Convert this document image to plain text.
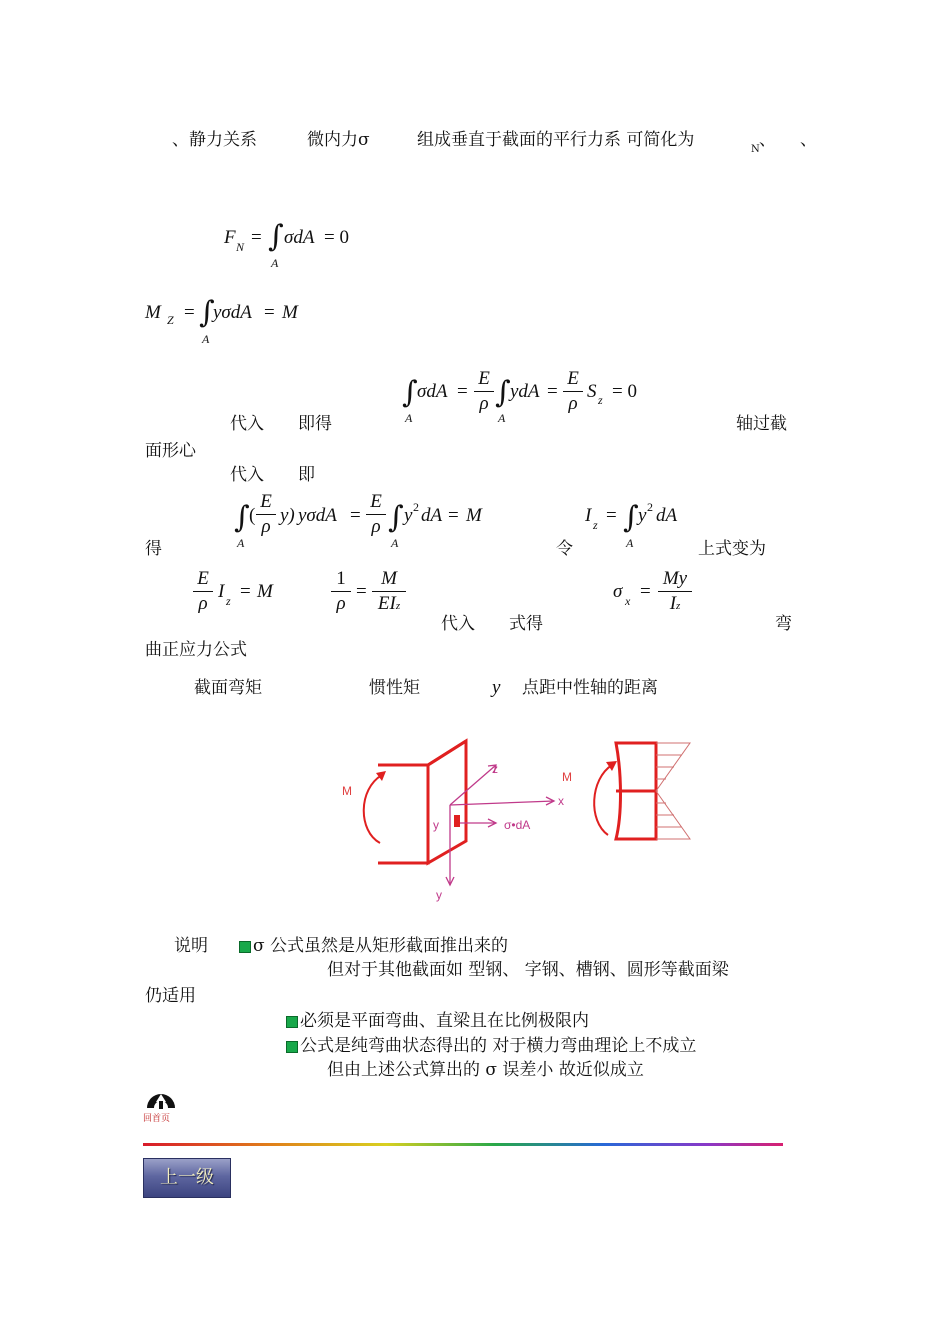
、静力关系	微内力σ	组成垂直于截面的平行力系 可简化为	N 、 、
F N = ∫
A
σdA = 0
M Z = ∫
A
yσdA = M
∫
A
σdA =
E
ρ ∫
A
ydA =
E
ρ
S z = 0
代入 即得	轴过截
面形心
代入 即
∫
A
(
E
ρ
y) yσdA =
E
ρ ∫
A
y 2 dA = M	I z = ∫
A
y 2 dA
得	令	上式变为
E
ρ
I z = M
1
ρ
=
M
EIz
σ x =
My
Iz
代入 式得	弯
曲正应力公式
截面弯矩	惯性矩	y 点距中性轴的距离
M
M
z
x
y
y
σ•dA
说明	σ 公式虽然是从矩形截面推出来的
但对于其他截面如 型钢、 字钢、槽钢、圆形等截面梁
仍适用
必须是平面弯曲、直梁且在比例极限内
公式是纯弯曲状态得出的 对于横力弯曲理论上不成立
但由上述公式算出的 σ 误差小 故近似成立
回首页
上一级
